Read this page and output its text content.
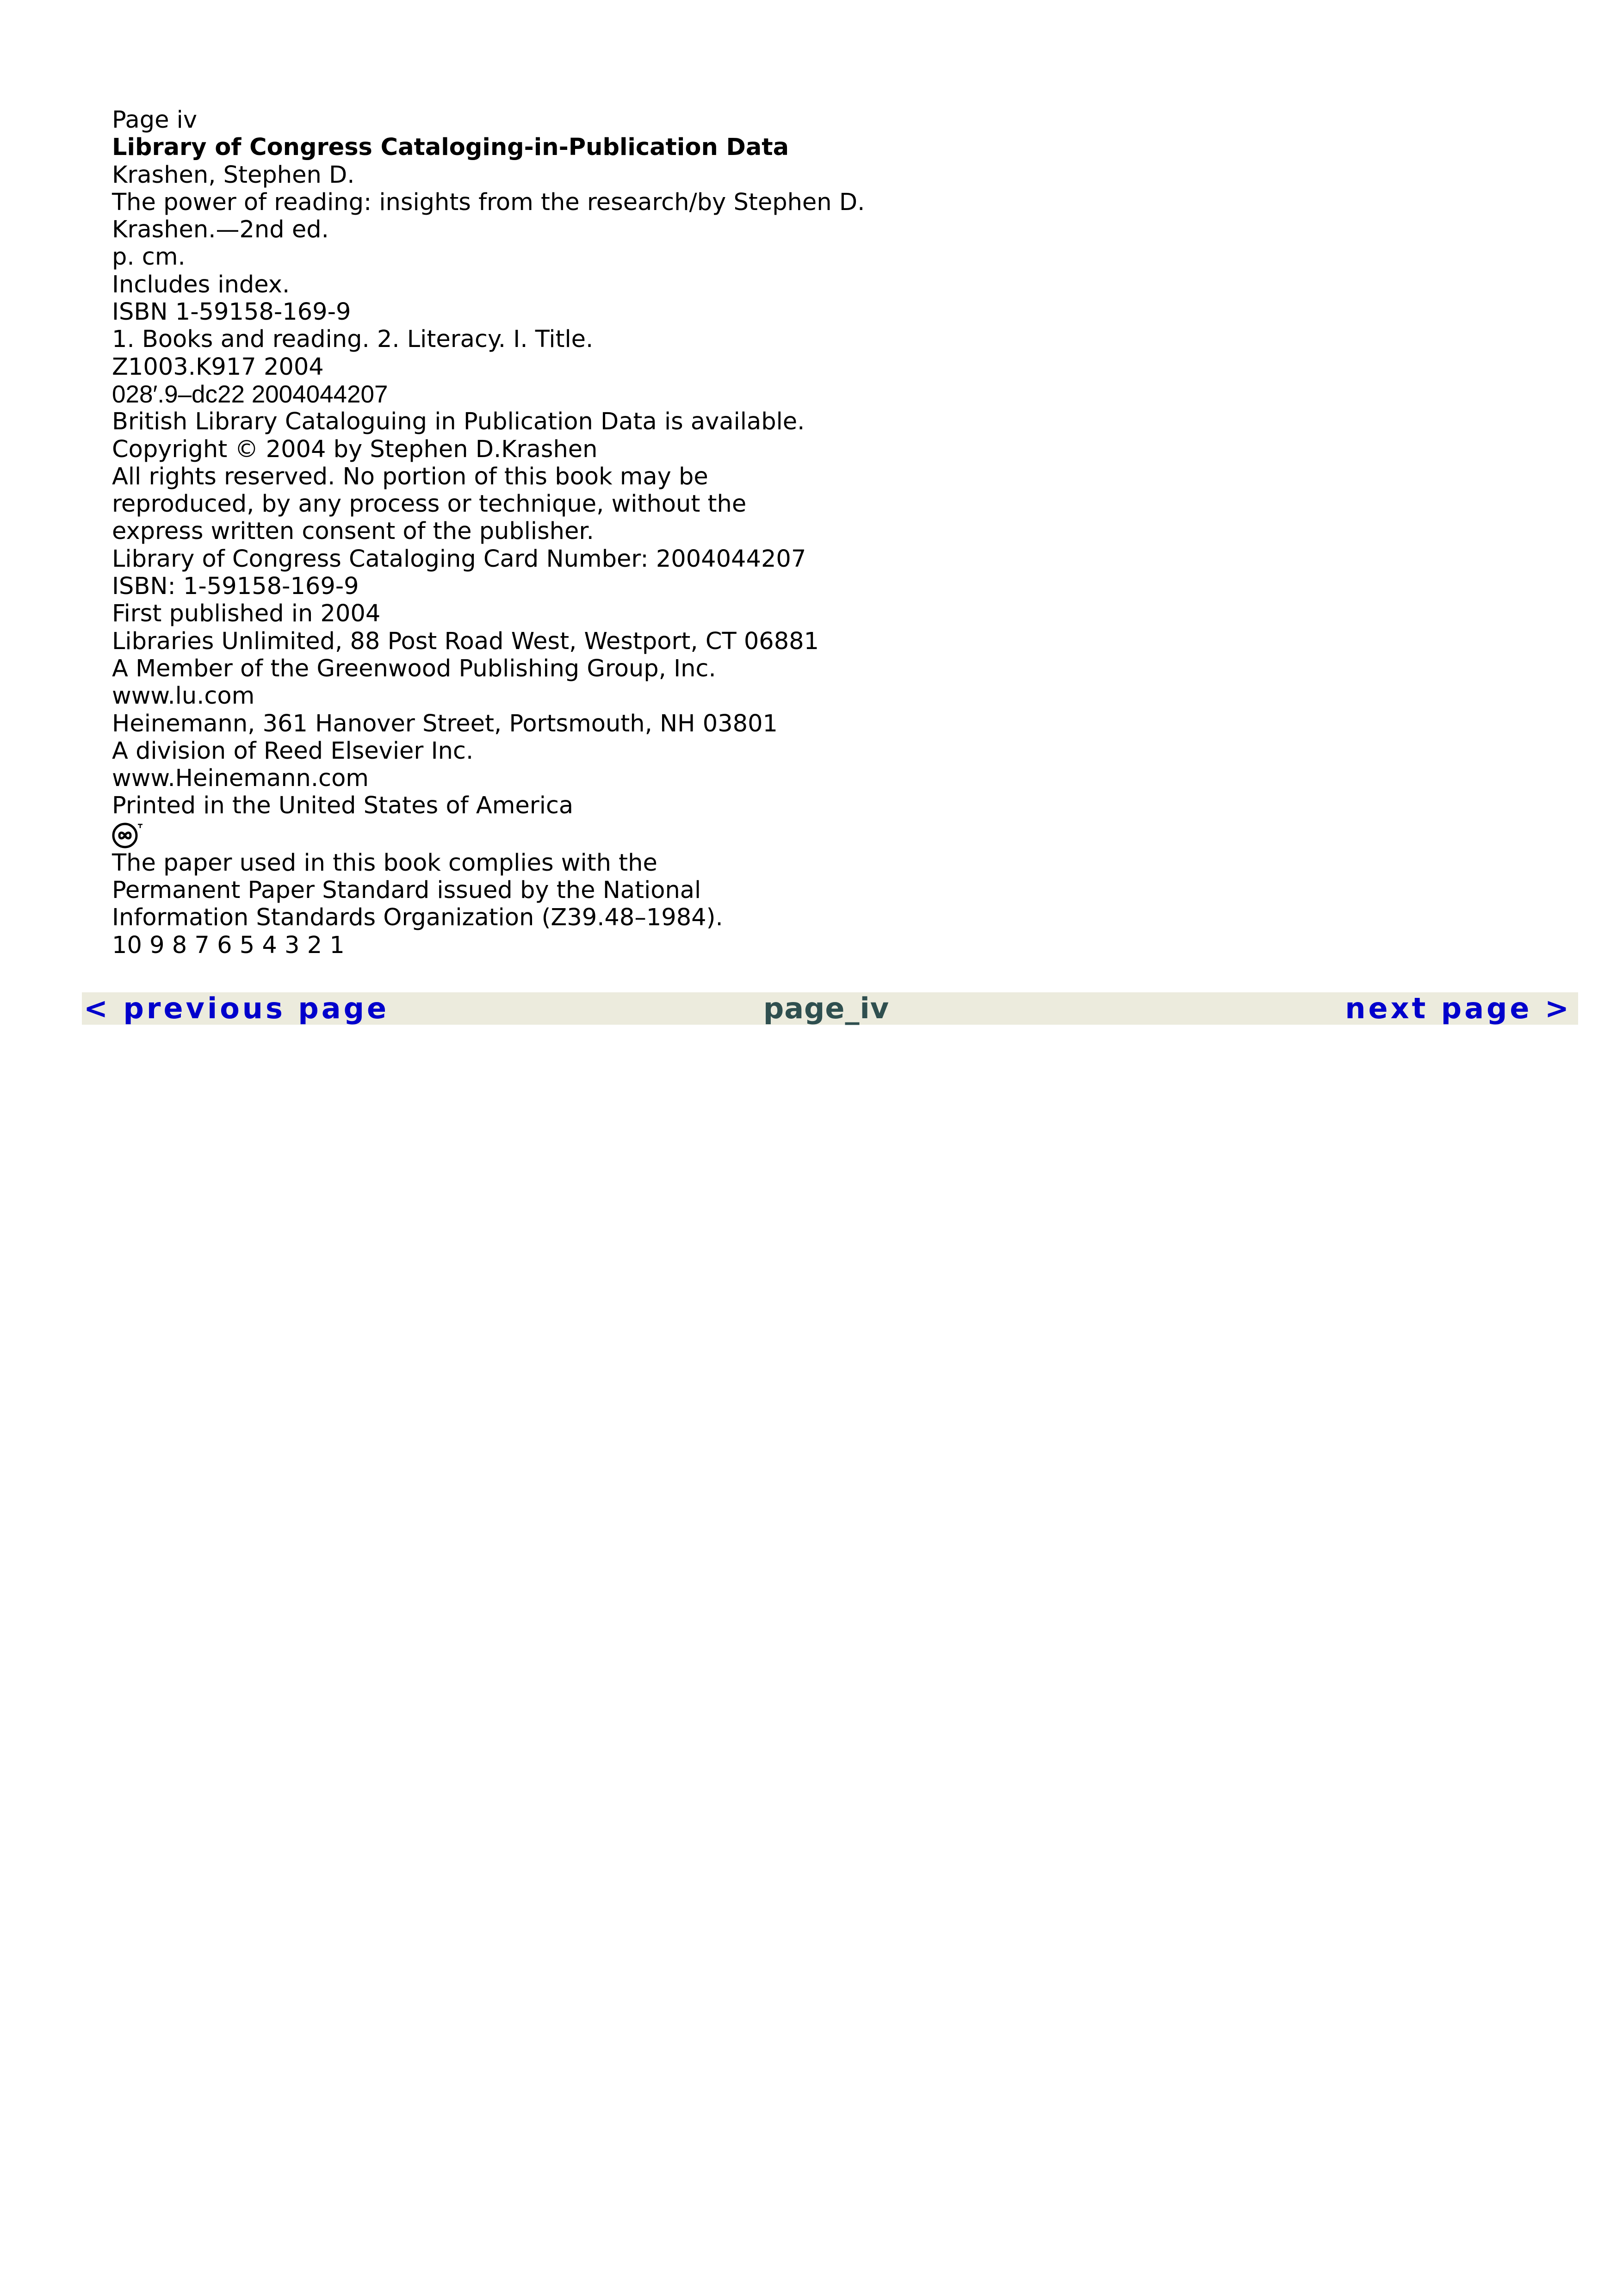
Page iv

Library of Congress Cataloging-in-Publication Data

Krashen, Stephen D.

The power of reading: insights from the research/by Stephen D.

Krashen.—2nd ed.

p. cm.

Includes index.

ISBN 1-59158-169-9

1. Books and reading. 2. Literacy. I. Title.

Z1003.K917 2004

028′.9–dc22 2004044207

British Library Cataloguing in Publication Data is available.

Copyright © 2004 by Stephen D.Krashen

All rights reserved. No portion of this book may be

reproduced, by any process or technique, without the

express written consent of the publisher.

Library of Congress Cataloging Card Number: 2004044207

ISBN: 1-59158-169-9

First published in 2004

Libraries Unlimited, 88 Post Road West, Westport, CT 06881

A Member of the Greenwood Publishing Group, Inc.

www.lu.com

Heinemann, 361 Hanover Street, Portsmouth, NH 03801

A division of Reed Elsevier Inc.

www.Heinemann.com

Printed in the United States of America

The paper used in this book complies with the

Permanent Paper Standard issued by the National

Information Standards Organization (Z39.48–1984).

10 9 8 7 6 5 4 3 2 1

page_iv
< previous page	next page >
